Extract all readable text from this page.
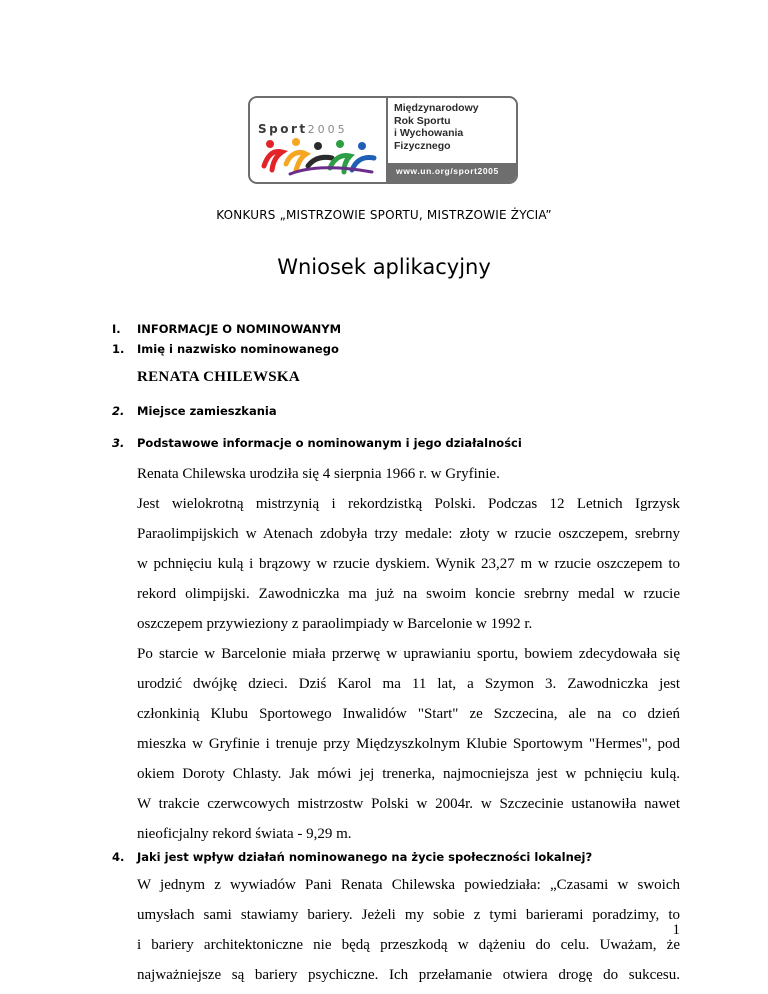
Sport2005
Międzynarodowy
Rok Sportu
i Wychowania
Fizycznego
www.un.org/sport2005
KONKURS „MISTRZOWIE SPORTU, MISTRZOWIE ŻYCIA”
Wniosek aplikacyjny
I. INFORMACJE O NOMINOWANYM
1. Imię i nazwisko nominowanego
RENATA CHILEWSKA
2. Miejsce zamieszkania
3. Podstawowe informacje o nominowanym i jego działalności
Renata Chilewska urodziła się 4 sierpnia 1966 r. w Gryfinie.
Jest wielokrotną mistrzynią i rekordzistką Polski. Podczas 12 Letnich Igrzysk
Paraolimpijskich w Atenach zdobyła trzy medale: złoty w rzucie oszczepem, srebrny
w pchnięciu kulą i brązowy w rzucie dyskiem. Wynik 23,27 m w rzucie oszczepem to
rekord olimpijski. Zawodniczka ma już na swoim koncie srebrny medal w rzucie
oszczepem przywieziony z paraolimpiady w Barcelonie w 1992 r.
Po starcie w Barcelonie miała przerwę w uprawianiu sportu, bowiem zdecydowała się
urodzić dwójkę dzieci. Dziś Karol ma 11 lat, a Szymon 3. Zawodniczka jest
członkinią Klubu Sportowego Inwalidów "Start" ze Szczecina, ale na co dzień
mieszka w Gryfinie i trenuje przy Międzyszkolnym Klubie Sportowym "Hermes", pod
okiem Doroty Chlasty. Jak mówi jej trenerka, najmocniejsza jest w pchnięciu kulą.
W trakcie czerwcowych mistrzostw Polski w 2004r. w Szczecinie ustanowiła nawet
nieoficjalny rekord świata - 9,29 m.
4. Jaki jest wpływ działań nominowanego na życie społeczności lokalnej?
W jednym z wywiadów Pani Renata Chilewska powiedziała: „Czasami w swoich
umysłach sami stawiamy bariery. Jeżeli my sobie z tymi barierami poradzimy, to
i bariery architektoniczne nie będą przeszkodą w dążeniu do celu. Uważam, że
najważniejsze są bariery psychiczne. Ich przełamanie otwiera drogę do sukcesu.
1
